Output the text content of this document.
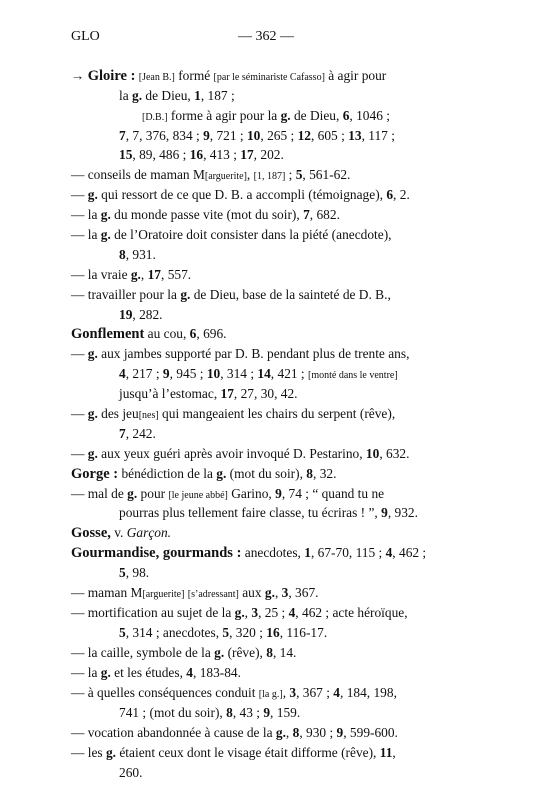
GLO	— 362 —
→ Gloire : [Jean B.] formé [par le séminariste Cafasso] à agir pour
la g. de Dieu, 1, 187 ;
[D.B.] forme à agir pour la g. de Dieu, 6, 1046 ;
7, 7, 376, 834 ; 9, 721 ; 10, 265 ; 12, 605 ; 13, 117 ;
15, 89, 486 ; 16, 413 ; 17, 202.
— conseils de maman M[arguerite], [1, 187] ; 5, 561-62.
— g. qui ressort de ce que D. B. a accompli (témoignage), 6, 2.
— la g. du monde passe vite (mot du soir), 7, 682.
— la g. de l’Oratoire doit consister dans la piété (anecdote),
8, 931.
— la vraie g., 17, 557.
— travailler pour la g. de Dieu, base de la sainteté de D. B.,
19, 282.
Gonflement au cou, 6, 696.
— g. aux jambes supporté par D. B. pendant plus de trente ans,
4, 217 ; 9, 945 ; 10, 314 ; 14, 421 ; [monté dans le ventre]
jusqu’à l’estomac, 17, 27, 30, 42.
— g. des jeu[nes] qui mangeaient les chairs du serpent (rêve),
7, 242.
— g. aux yeux guéri après avoir invoqué D. Pestarino, 10, 632.
Gorge : bénédiction de la g. (mot du soir), 8, 32.
— mal de g. pour [le jeune abbé] Garino, 9, 74 ; “ quand tu ne
pourras plus tellement faire classe, tu écriras ! ”, 9, 932.
Gosse, v. Garçon.
Gourmandise, gourmands : anecdotes, 1, 67-70, 115 ; 4, 462 ;
5, 98.
— maman M[arguerite] [s’adressant] aux g., 3, 367.
— mortification au sujet de la g., 3, 25 ; 4, 462 ; acte héroïque,
5, 314 ; anecdotes, 5, 320 ; 16, 116-17.
— la caille, symbole de la g. (rêve), 8, 14.
— la g. et les études, 4, 183-84.
— à quelles conséquences conduit [la g.], 3, 367 ; 4, 184, 198,
741 ; (mot du soir), 8, 43 ; 9, 159.
— vocation abandonnée à cause de la g., 8, 930 ; 9, 599-600.
— les g. étaient ceux dont le visage était difforme (rêve), 11,
260.
